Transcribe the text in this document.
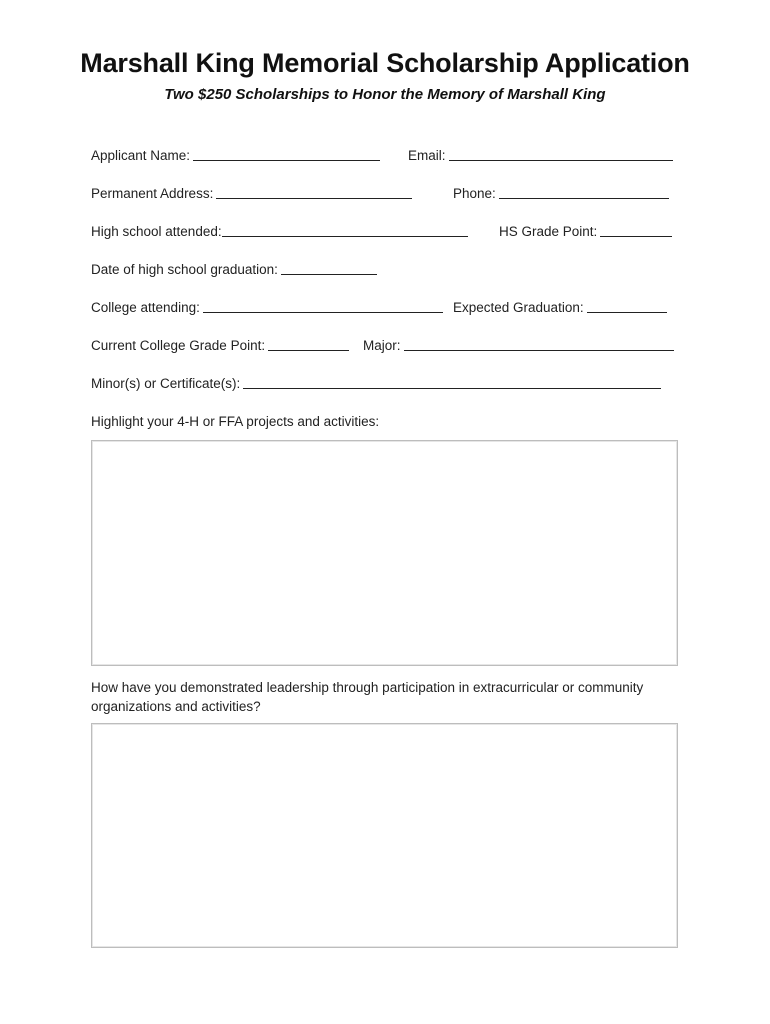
Marshall King Memorial Scholarship Application
Two $250 Scholarships to Honor the Memory of Marshall King
Applicant Name:	Email:
Permanent Address:	Phone:
High school attended:	HS Grade Point:
Date of high school graduation:
College attending:	Expected Graduation:
Current College Grade Point:	Major:
Minor(s) or Certificate(s):
Highlight your 4-H or FFA projects and activities:
How have you demonstrated leadership through participation in extracurricular or community organizations and activities?
